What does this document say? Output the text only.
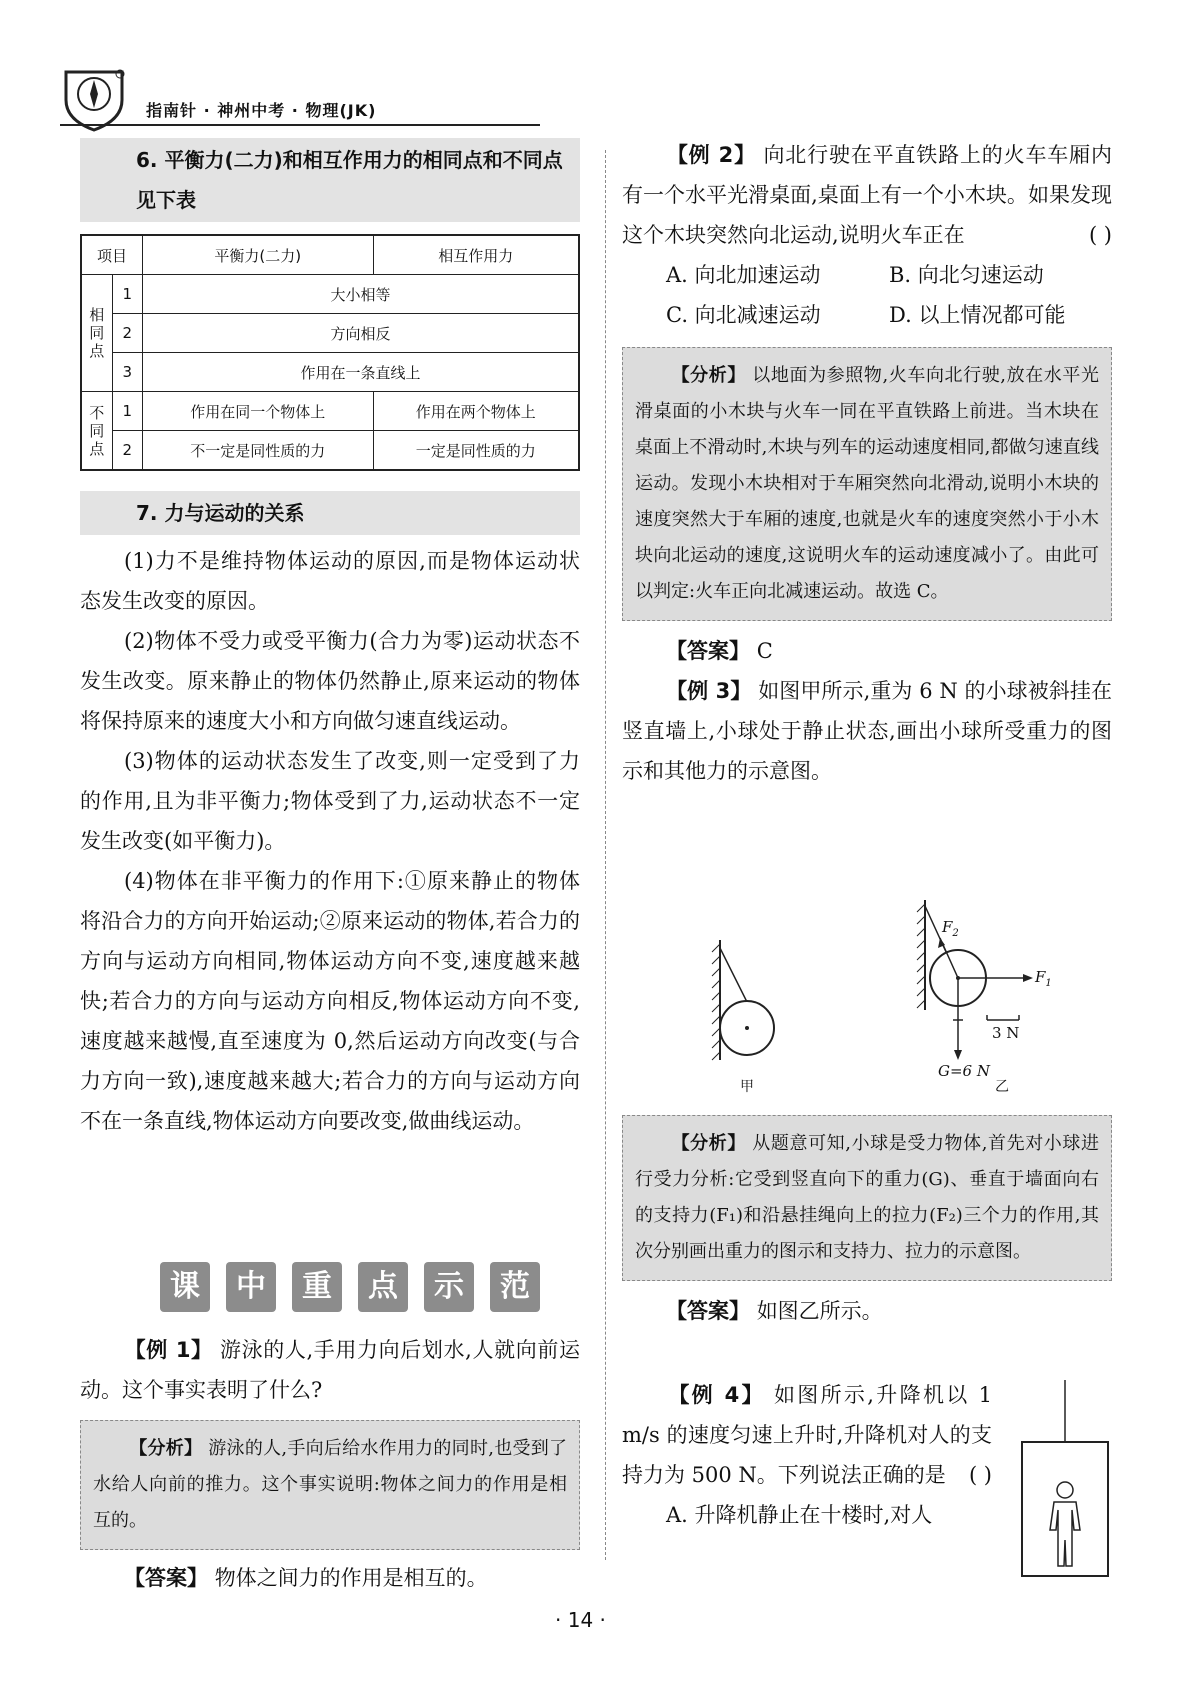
指南针 · 神州中考 · 物理(JK)
6. 平衡力(二力)和相互作用力的相同点和不同点见下表
项目		平衡力(二力)	相互作用力
相
同
点	1	大小相等	
	2	方向相反	
	3	作用在一条直线上	
不
同
点	1	作用在同一个物体上	作用在两个物体上
	2	不一定是同性质的力	一定是同性质的力
7. 力与运动的关系
(1)力不是维持物体运动的原因,而是物体运动状态发生改变的原因。
(2)物体不受力或受平衡力(合力为零)运动状态不发生改变。原来静止的物体仍然静止,原来运动的物体将保持原来的速度大小和方向做匀速直线运动。
(3)物体的运动状态发生了改变,则一定受到了力的作用,且为非平衡力;物体受到了力,运动状态不一定发生改变(如平衡力)。
(4)物体在非平衡力的作用下:①原来静止的物体将沿合力的方向开始运动;②原来运动的物体,若合力的方向与运动方向相同,物体运动方向不变,速度越来越快;若合力的方向与运动方向相反,物体运动方向不变,速度越来越慢,直至速度为 0,然后运动方向改变(与合力方向一致),速度越来越大;若合力的方向与运动方向不在一条直线,物体运动方向要改变,做曲线运动。
课	中	重	点	示	范
【例 1】 游泳的人,手用力向后划水,人就向前运动。这个事实表明了什么?
【分析】 游泳的人,手向后给水作用力的同时,也受到了水给人向前的推力。这个事实说明:物体之间力的作用是相互的。
【答案】 物体之间力的作用是相互的。
【例 2】 向北行驶在平直铁路上的火车车厢内有一个水平光滑桌面,桌面上有一个小木块。如果发现这个木块突然向北运动,说明火车正在	( )
A. 向北加速运动	B. 向北匀速运动
C. 向北减速运动	D. 以上情况都可能
【分析】 以地面为参照物,火车向北行驶,放在水平光滑桌面的小木块与火车一同在平直铁路上前进。当木块在桌面上不滑动时,木块与列车的运动速度相同,都做匀速直线运动。发现小木块相对于车厢突然向北滑动,说明小木块的速度突然大于车厢的速度,也就是火车的速度突然小于小木块向北运动的速度,这说明火车的运动速度减小了。由此可以判定:火车正向北减速运动。故选 C。
【答案】 C
【例 3】 如图甲所示,重为 6 N 的小球被斜挂在竖直墙上,小球处于静止状态,画出小球所受重力的图示和其他力的示意图。
$F_2$
$F_1$
3 N
G=6 N
甲	乙
【分析】 从题意可知,小球是受力物体,首先对小球进行受力分析:它受到竖直向下的重力(G)、垂直于墙面向右的支持力(F₁)和沿悬挂绳向上的拉力(F₂)三个力的作用,其次分别画出重力的图示和支持力、拉力的示意图。
【答案】 如图乙所示。
【例 4】 如图所示,升降机以 1 m/s 的速度匀速上升时,升降机对人的支持力为 500 N。下列说法正确的是 ( )
A. 升降机静止在十楼时,对人
· 14 ·
